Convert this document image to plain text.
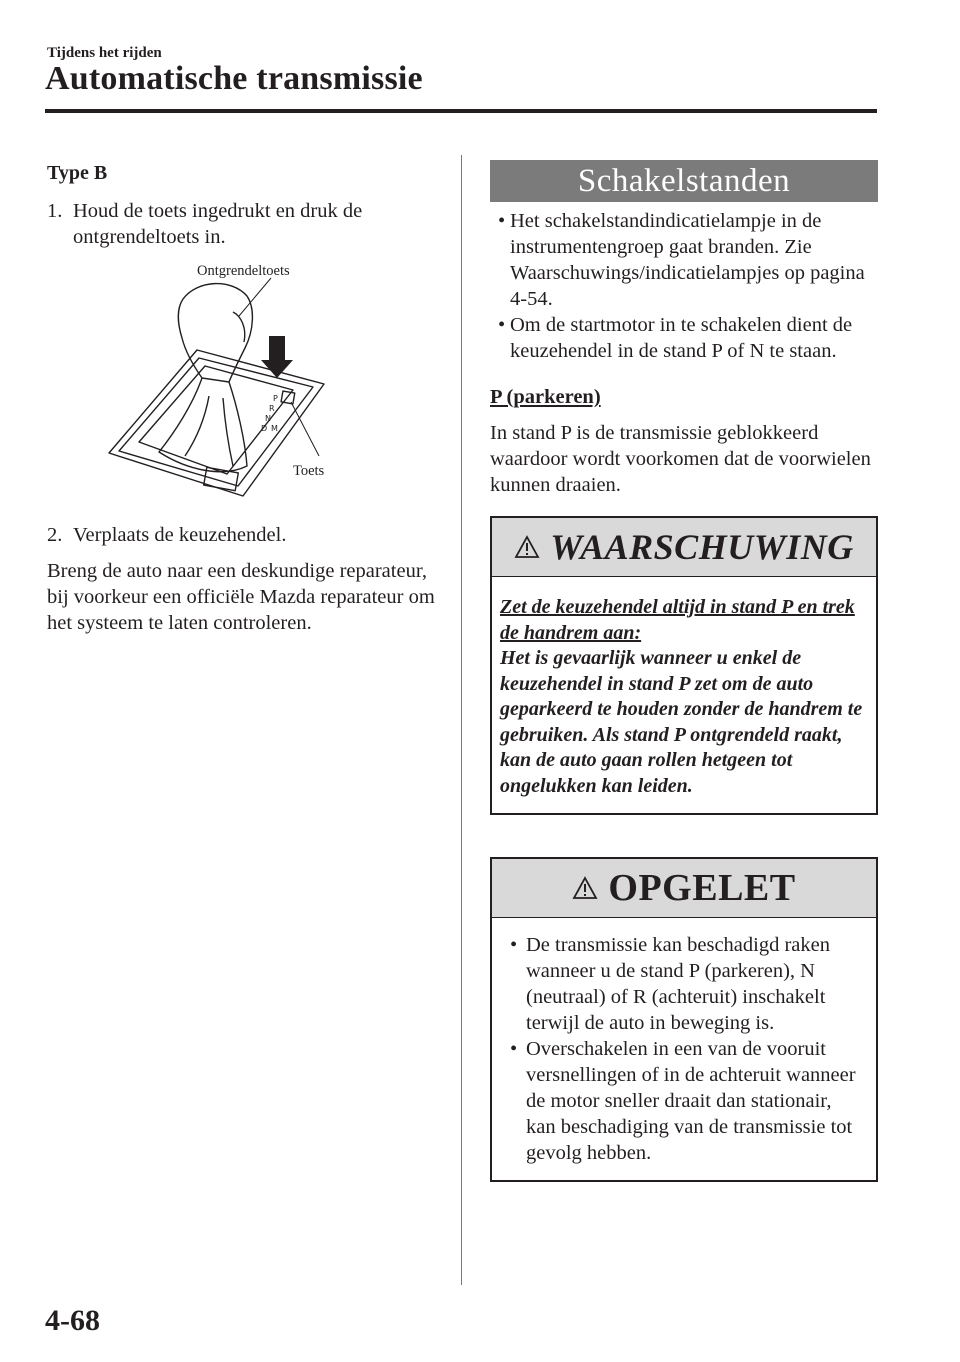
Tijdens het rijden
Automatische transmissie
Type B
1. Houd de toets ingedrukt en druk de ontgrendeltoets in.
Ontgrendeltoets
P
R
N
D M
Toets
2. Verplaats de keuzehendel.
Breng de auto naar een deskundige reparateur, bij voorkeur een officiële Mazda reparateur om het systeem te laten controleren.
Schakelstanden
• Het schakelstandindicatielampje in de instrumentengroep gaat branden. Zie Waarschuwings/indicatielampjes op pagina 4-54.
• Om de startmotor in te schakelen dient de keuzehendel in de stand P of N te staan.
P (parkeren)
In stand P is de transmissie geblokkeerd waardoor wordt voorkomen dat de voorwielen kunnen draaien.
WAARSCHUWING
Zet de keuzehendel altijd in stand P en trek de handrem aan:
Het is gevaarlijk wanneer u enkel de keuzehendel in stand P zet om de auto geparkeerd te houden zonder de handrem te gebruiken. Als stand P ontgrendeld raakt, kan de auto gaan rollen hetgeen tot ongelukken kan leiden.
OPGELET
• De transmissie kan beschadigd raken wanneer u de stand P (parkeren), N (neutraal) of R (achteruit) inschakelt terwijl de auto in beweging is.
• Overschakelen in een van de vooruit versnellingen of in de achteruit wanneer de motor sneller draait dan stationair, kan beschadiging van de transmissie tot gevolg hebben.
4-68
